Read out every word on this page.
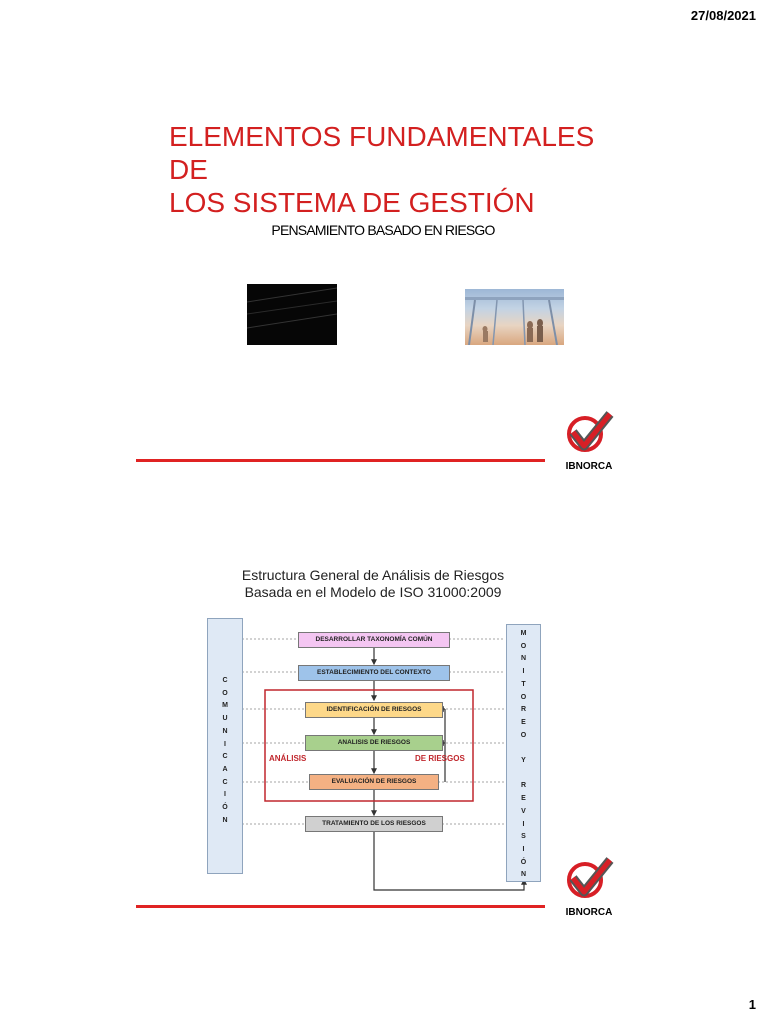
27/08/2021
ELEMENTOS FUNDAMENTALES DE
LOS SISTEMA DE GESTIÓN
PENSAMIENTO BASADO EN RIESGO
IBNORCA
Estructura General de Análisis de Riesgos
Basada en el Modelo de ISO 31000:2009
C
O
M
U
N
I
C
A
C
I
Ó
N
M
O
N
I
T
O
R
E
O

Y

R
E
V
I
S
I
Ó
N
DESARROLLAR TAXONOMÍA COMÚN
ESTABLECIMIENTO DEL CONTEXTO
IDENTIFICACIÓN DE RIESGOS
ANALISIS DE RIESGOS
EVALUACIÓN DE RIESGOS
TRATAMIENTO DE LOS RIESGOS
ANÁLISIS	DE RIESGOS
IBNORCA
1
